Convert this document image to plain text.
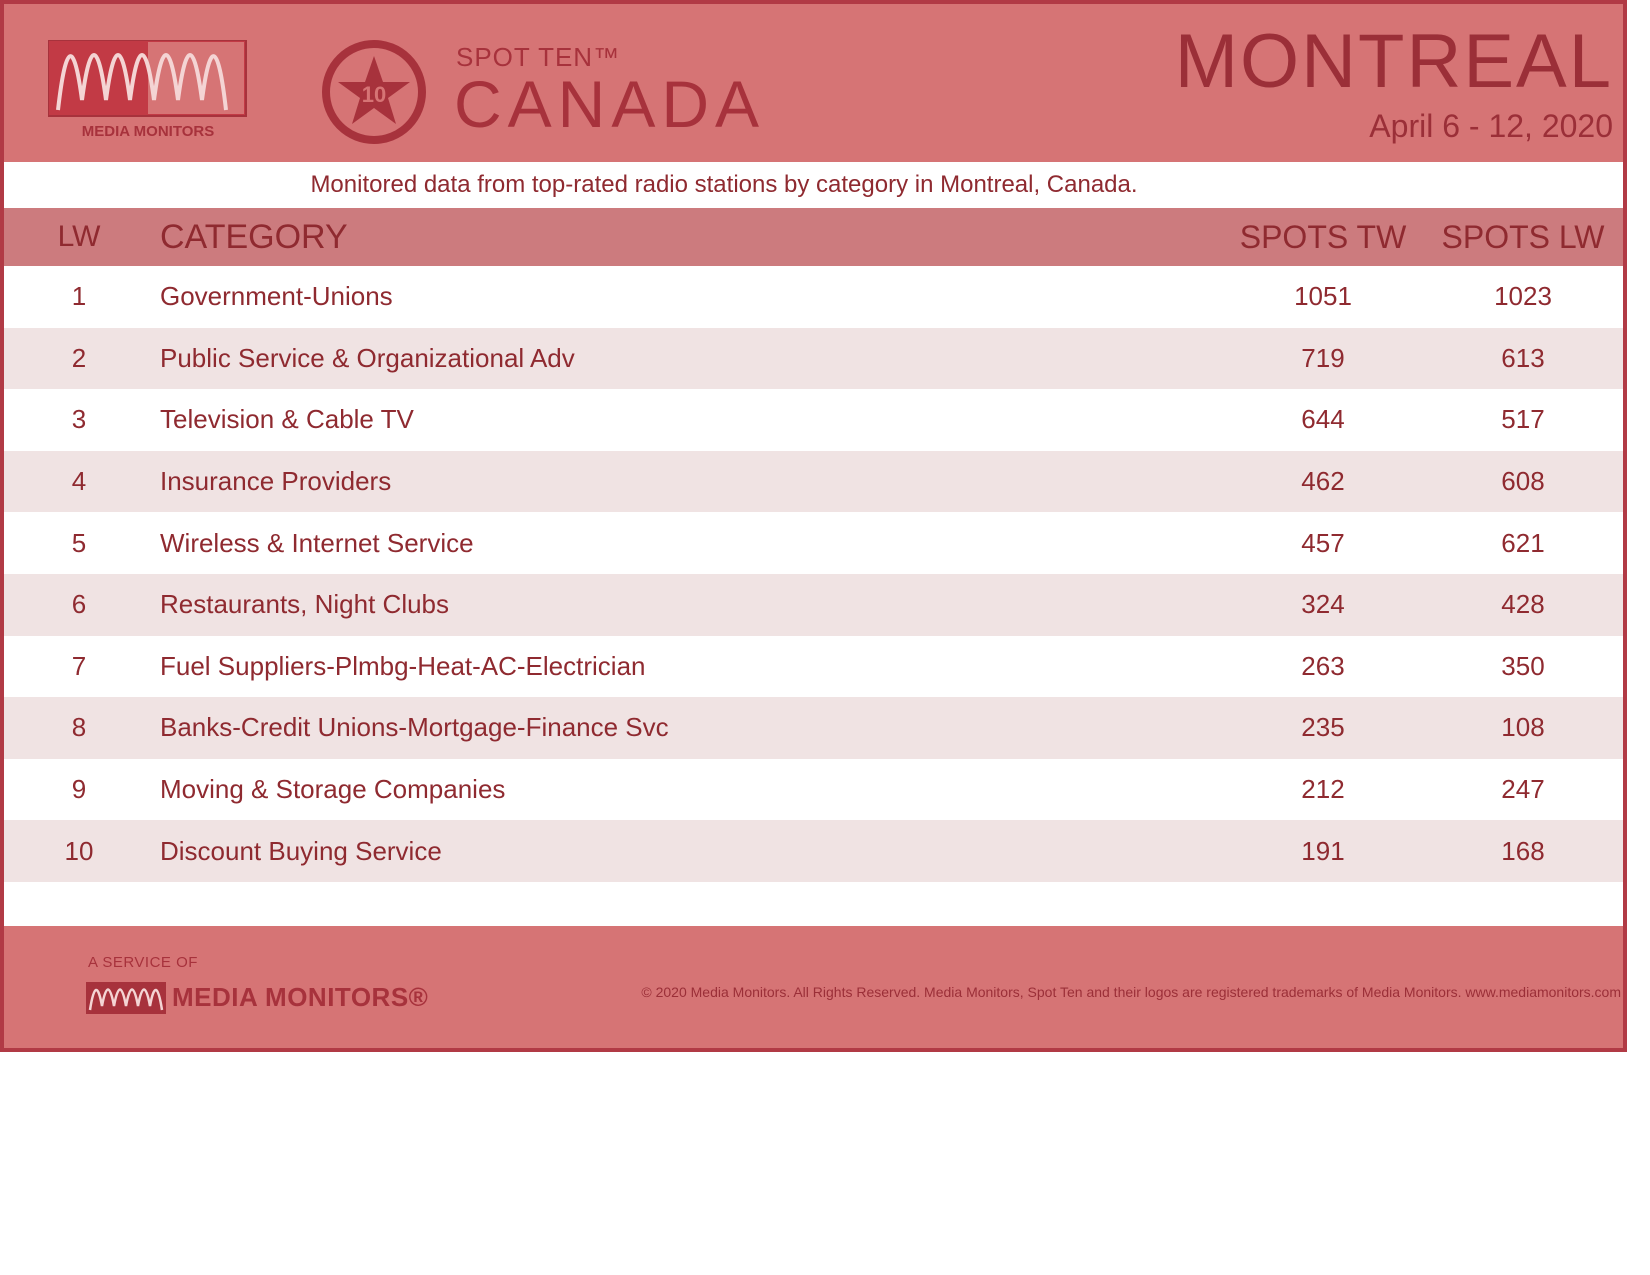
MEDIA MONITORS
10
SPOT TEN™
CANADA	MONTREAL
April 6 - 12, 2020
Monitored data from top-rated radio stations by category in Montreal, Canada.
LW	CATEGORY	SPOTS TW	SPOTS LW
1	Government-Unions	1051	1023
2	Public Service & Organizational Adv	719	613
3	Television & Cable TV	644	517
4	Insurance Providers	462	608
5	Wireless & Internet Service	457	621
6	Restaurants, Night Clubs	324	428
7	Fuel Suppliers-Plmbg-Heat-AC-Electrician	263	350
8	Banks-Credit Unions-Mortgage-Finance Svc	235	108
9	Moving & Storage Companies	212	247
10	Discount Buying Service	191	168
A SERVICE OF
MEDIA MONITORS®	© 2020 Media Monitors. All Rights Reserved. Media Monitors, Spot Ten and their logos are registered trademarks of Media Monitors. www.mediamonitors.com
